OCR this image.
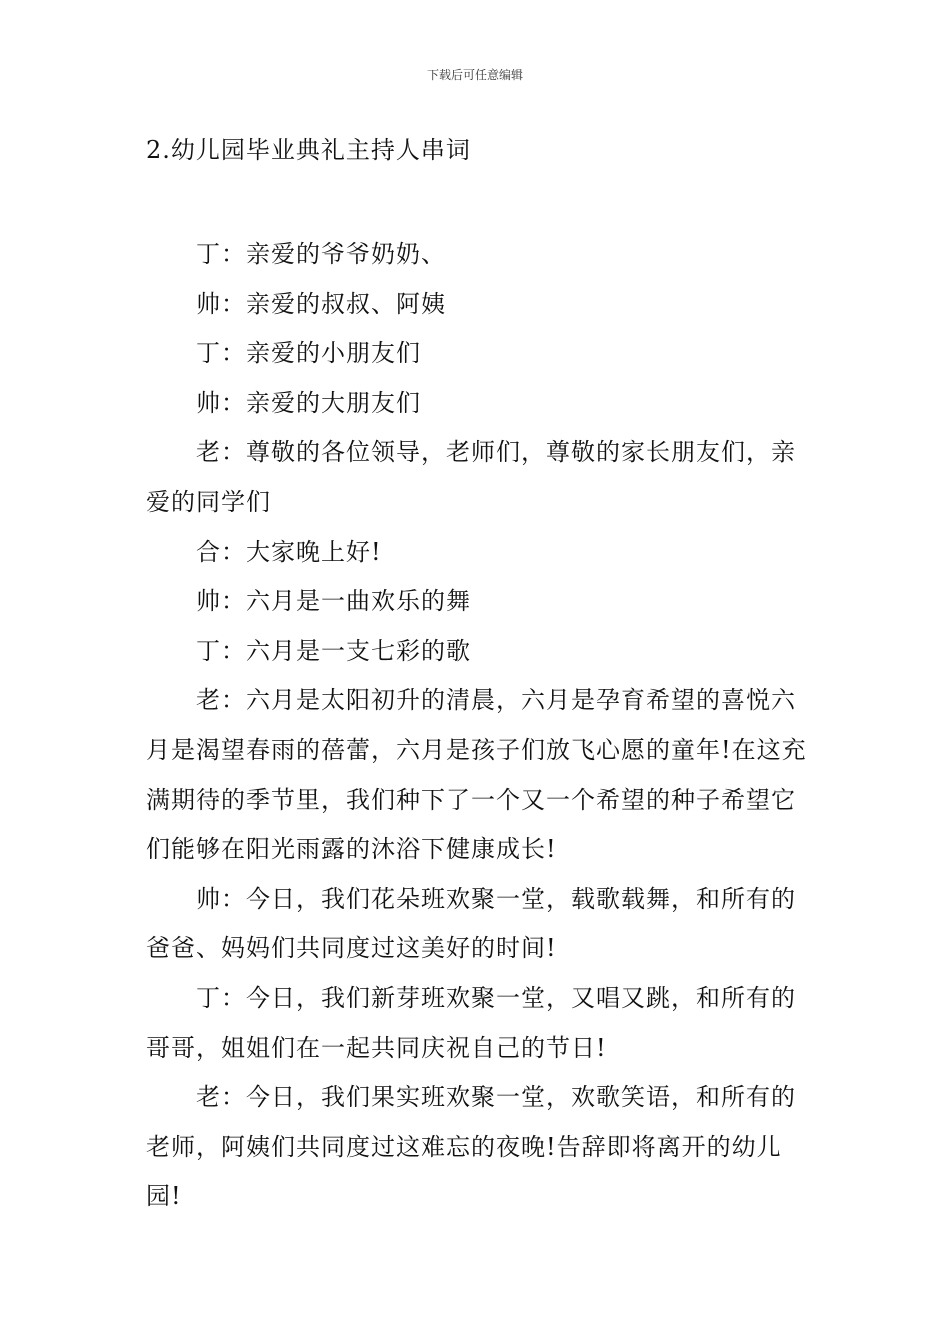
下载后可任意编辑
2.幼儿园毕业典礼主持人串词

丁：亲爱的爷爷奶奶、

帅：亲爱的叔叔、阿姨

丁：亲爱的小朋友们

帅：亲爱的大朋友们

老：尊敬的各位领导，老师们，尊敬的家长朋友们，亲爱的同学们

合：大家晚上好!

帅：六月是一曲欢乐的舞

丁：六月是一支七彩的歌

老：六月是太阳初升的清晨，六月是孕育希望的喜悦六月是渴望春雨的蓓蕾，六月是孩子们放飞心愿的童年!在这充满期待的季节里，我们种下了一个又一个希望的种子希望它们能够在阳光雨露的沐浴下健康成长!

帅：今日，我们花朵班欢聚一堂，载歌载舞，和所有的爸爸、妈妈们共同度过这美好的时间!

丁：今日，我们新芽班欢聚一堂，又唱又跳，和所有的哥哥，姐姐们在一起共同庆祝自己的节日!

老：今日，我们果实班欢聚一堂，欢歌笑语，和所有的老师，阿姨们共同度过这难忘的夜晚!告辞即将离开的幼儿园!
